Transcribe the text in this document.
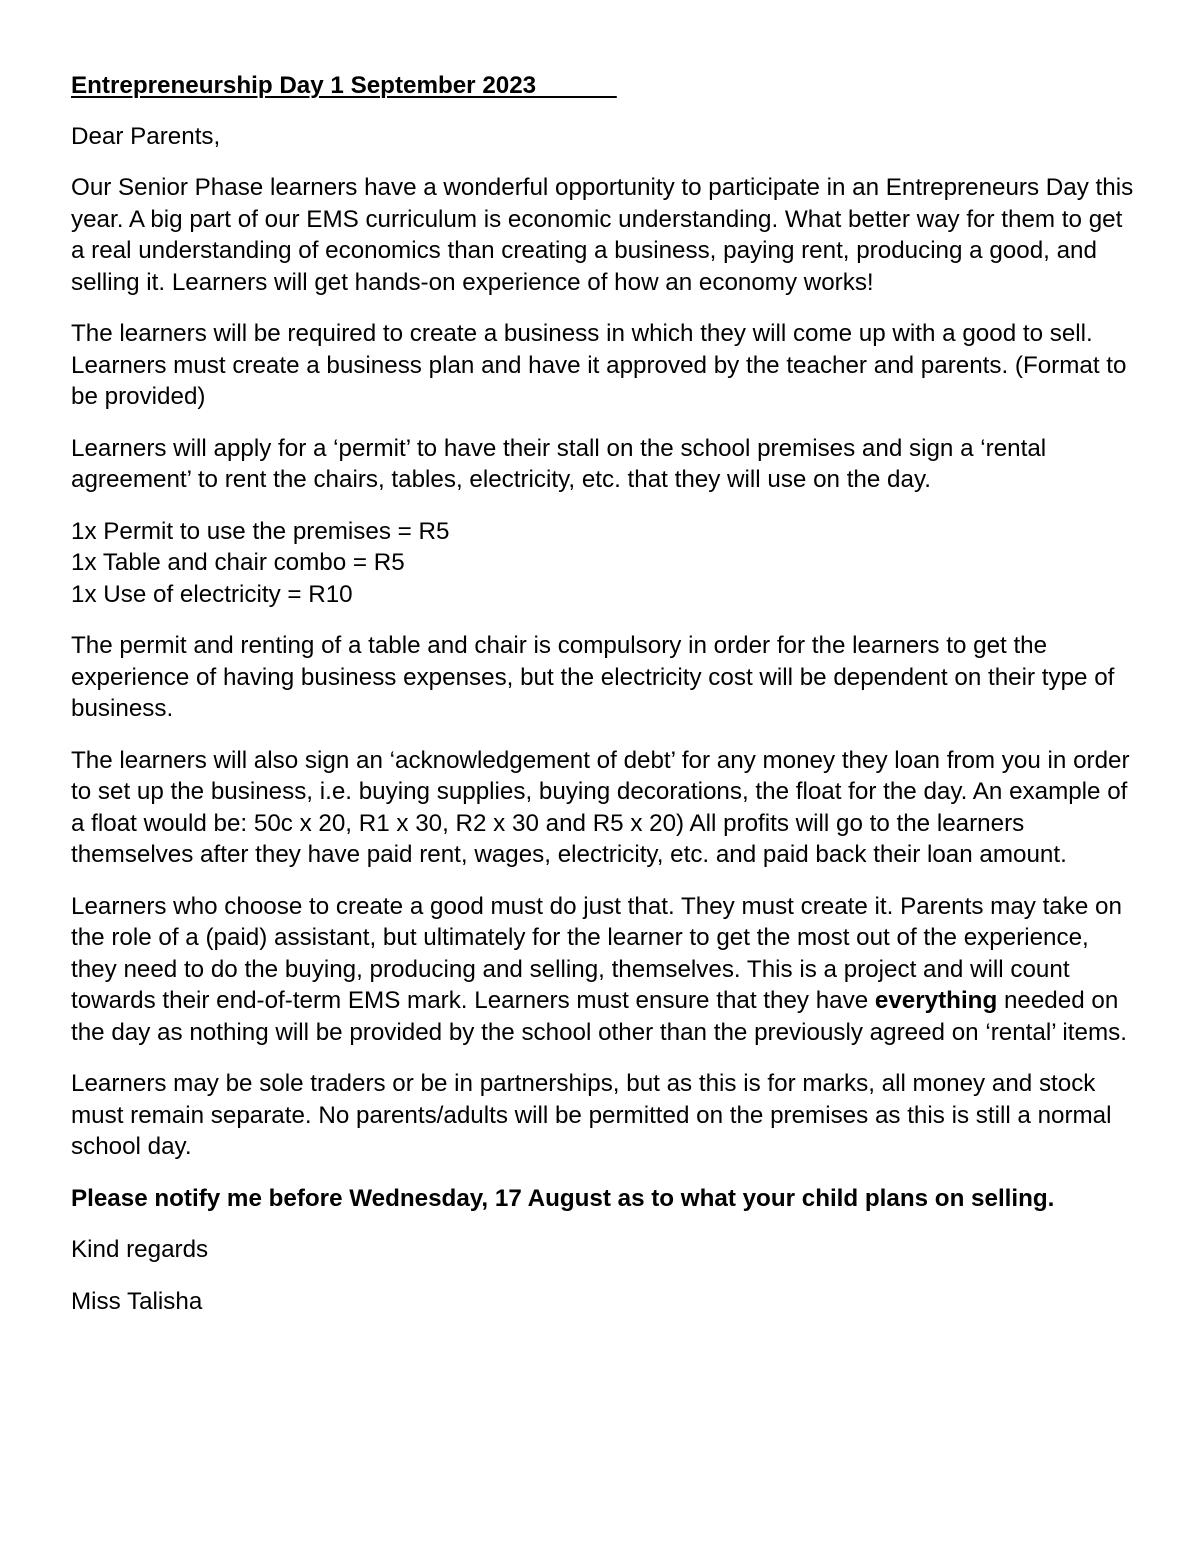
Entrepreneurship Day 1 September 2023

Dear Parents,

Our Senior Phase learners have a wonderful opportunity to participate in an Entrepreneurs Day this year. A big part of our EMS curriculum is economic understanding. What better way for them to get a real understanding of economics than creating a business, paying rent, producing a good, and selling it. Learners will get hands-on experience of how an economy works!

The learners will be required to create a business in which they will come up with a good to sell. Learners must create a business plan and have it approved by the teacher and parents. (Format to be provided)

Learners will apply for a ‘permit’ to have their stall on the school premises and sign a ‘rental agreement’ to rent the chairs, tables, electricity, etc. that they will use on the day.

1x Permit to use the premises = R5
1x Table and chair combo = R5
1x Use of electricity = R10

The permit and renting of a table and chair is compulsory in order for the learners to get the experience of having business expenses, but the electricity cost will be dependent on their type of business.

The learners will also sign an ‘acknowledgement of debt’ for any money they loan from you in order to set up the business, i.e. buying supplies, buying decorations, the float for the day. An example of a float would be: 50c x 20, R1 x 30, R2 x 30 and R5 x 20) All profits will go to the learners themselves after they have paid rent, wages, electricity, etc. and paid back their loan amount.

Learners who choose to create a good must do just that. They must create it. Parents may take on the role of a (paid) assistant, but ultimately for the learner to get the most out of the experience, they need to do the buying, producing and selling, themselves. This is a project and will count towards their end-of-term EMS mark. Learners must ensure that they have everything needed on the day as nothing will be provided by the school other than the previously agreed on ‘rental’ items.

Learners may be sole traders or be in partnerships, but as this is for marks, all money and stock must remain separate. No parents/adults will be permitted on the premises as this is still a normal school day.

Please notify me before Wednesday, 17 August as to what your child plans on selling.

Kind regards

Miss Talisha
